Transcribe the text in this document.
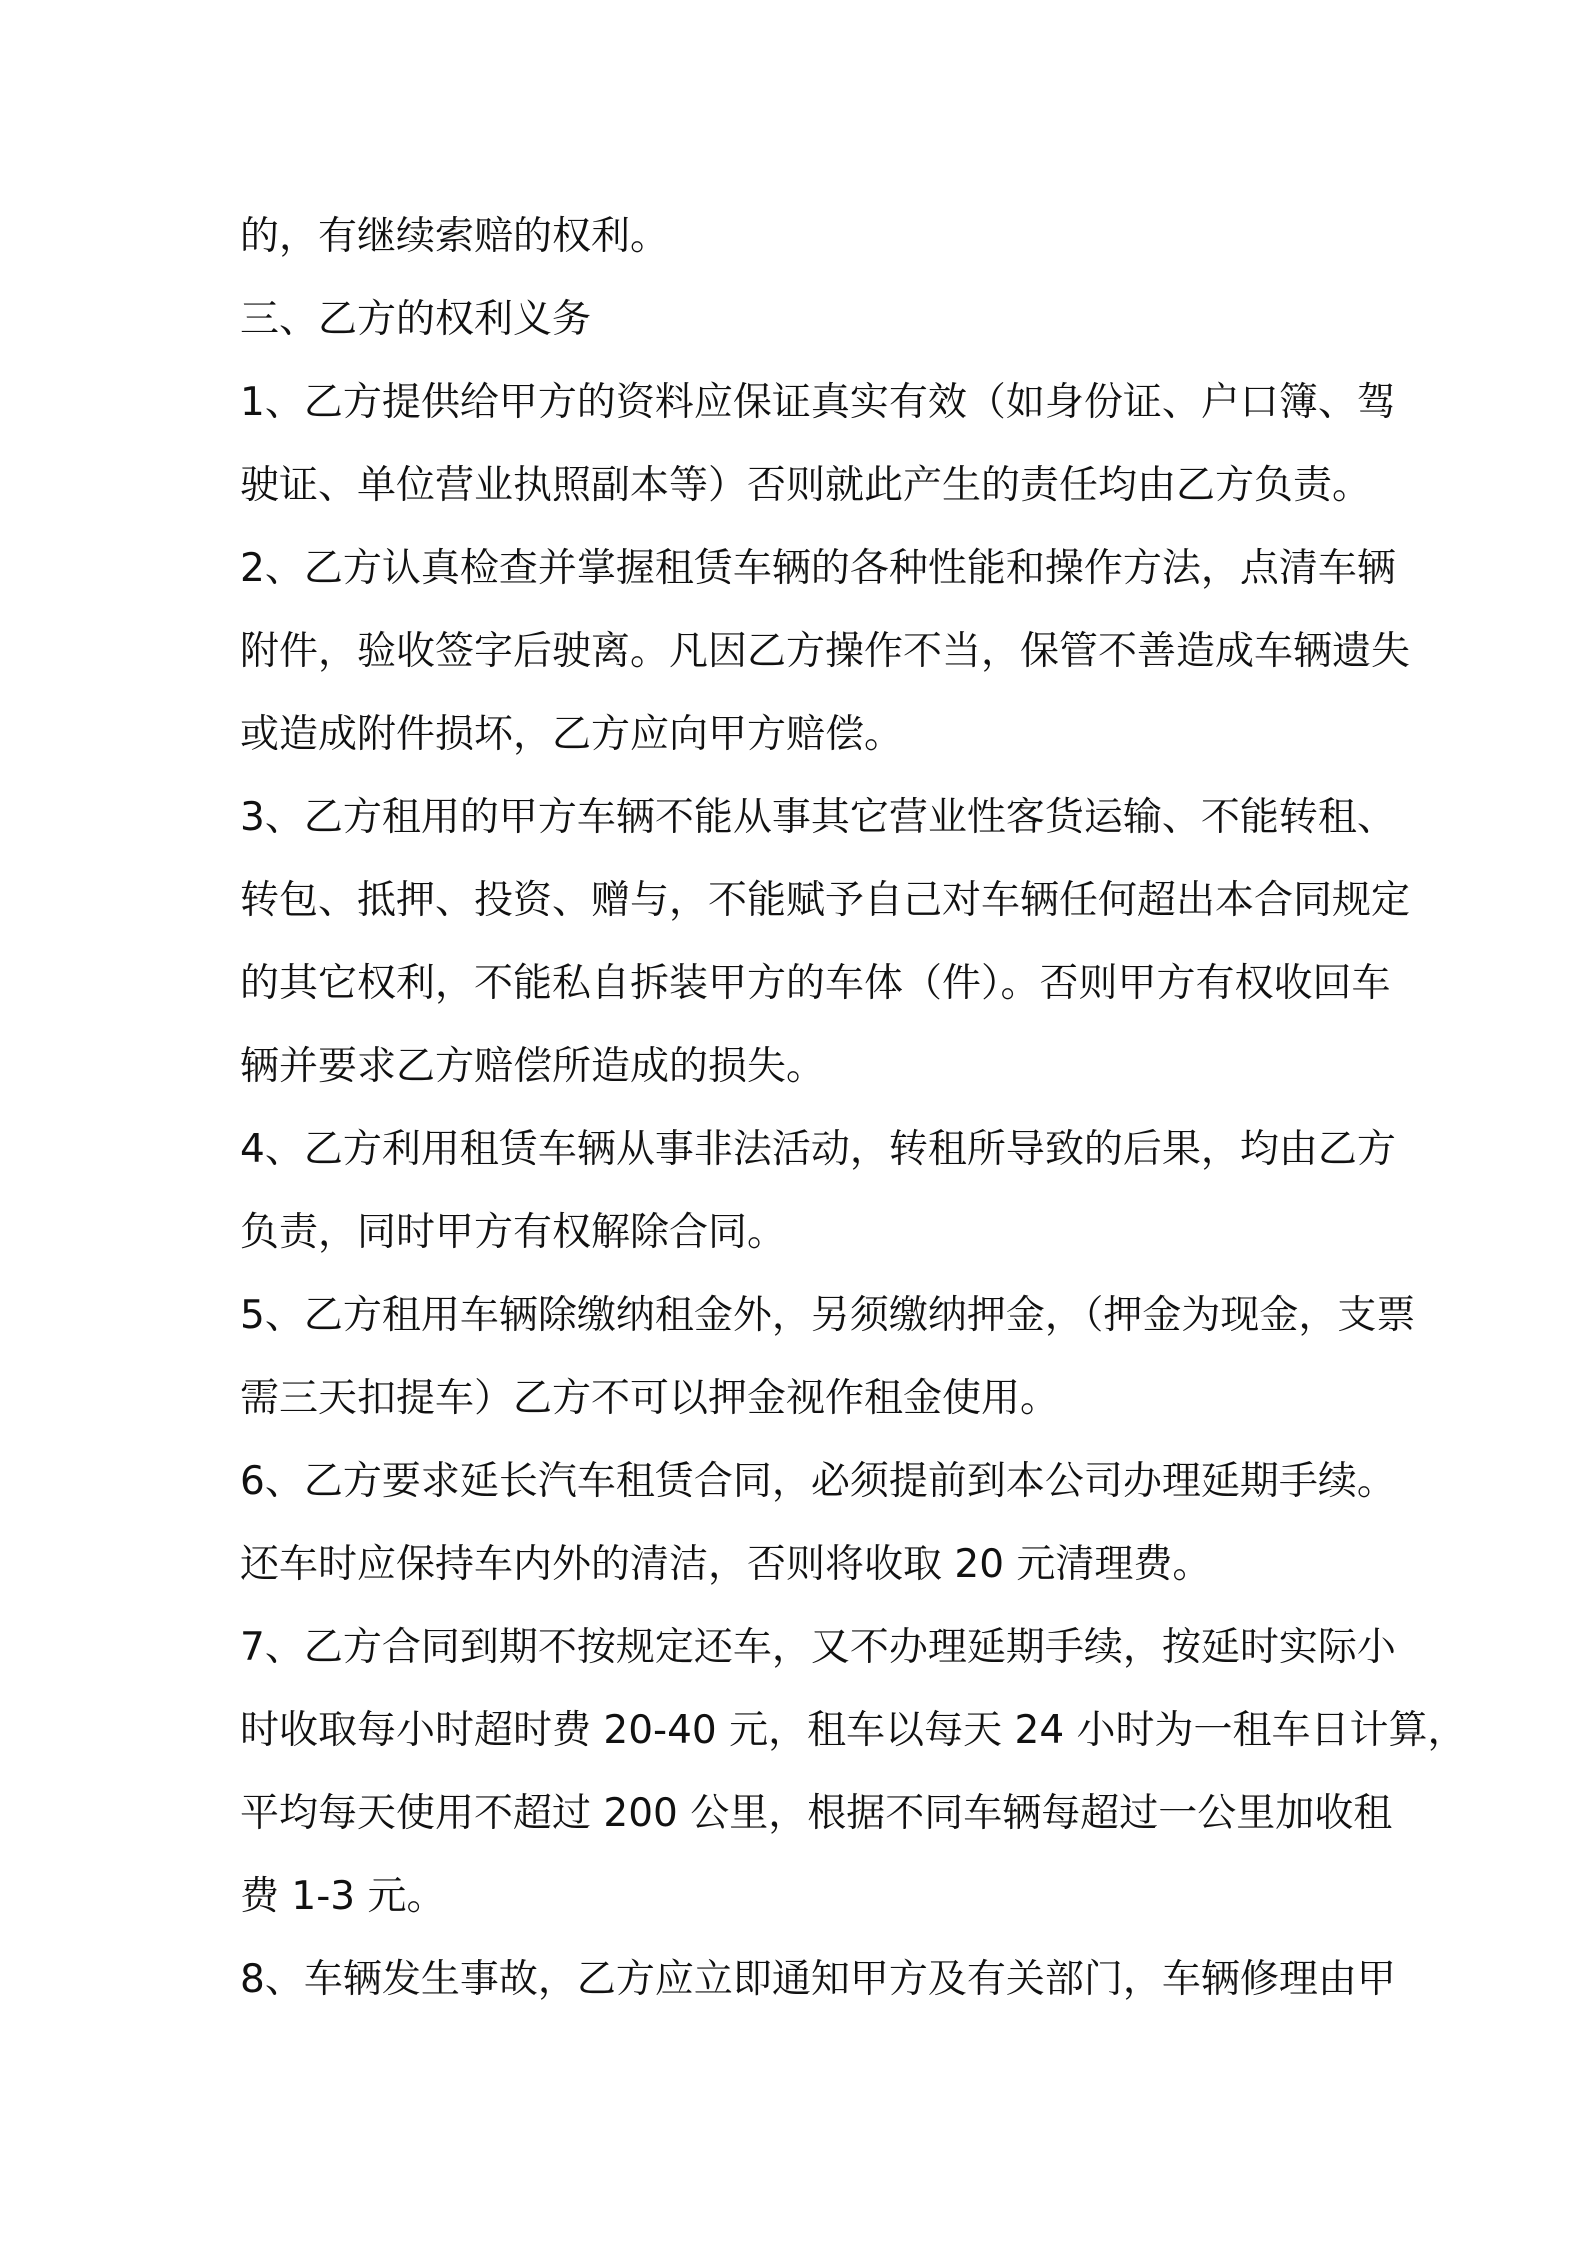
的，有继续索赔的权利。
三、乙方的权利义务
1、乙方提供给甲方的资料应保证真实有效（如身份证、户口簿、驾
驶证、单位营业执照副本等）否则就此产生的责任均由乙方负责。
2、乙方认真检查并掌握租赁车辆的各种性能和操作方法，点清车辆
附件，验收签字后驶离。凡因乙方操作不当，保管不善造成车辆遗失
或造成附件损坏，乙方应向甲方赔偿。
3、乙方租用的甲方车辆不能从事其它营业性客货运输、不能转租、
转包、抵押、投资、赠与，不能赋予自己对车辆任何超出本合同规定
的其它权利，不能私自拆装甲方的车体（件）。否则甲方有权收回车
辆并要求乙方赔偿所造成的损失。
4、乙方利用租赁车辆从事非法活动，转租所导致的后果，均由乙方
负责，同时甲方有权解除合同。
5、乙方租用车辆除缴纳租金外，另须缴纳押金，（押金为现金，支票
需三天扣提车）乙方不可以押金视作租金使用。
6、乙方要求延长汽车租赁合同，必须提前到本公司办理延期手续。
还车时应保持车内外的清洁，否则将收取 20 元清理费。
7、乙方合同到期不按规定还车，又不办理延期手续，按延时实际小
时收取每小时超时费 20-40 元，租车以每天 24 小时为一租车日计算，
平均每天使用不超过 200 公里，根据不同车辆每超过一公里加收租
费 1-3 元。
8、车辆发生事故，乙方应立即通知甲方及有关部门，车辆修理由甲
